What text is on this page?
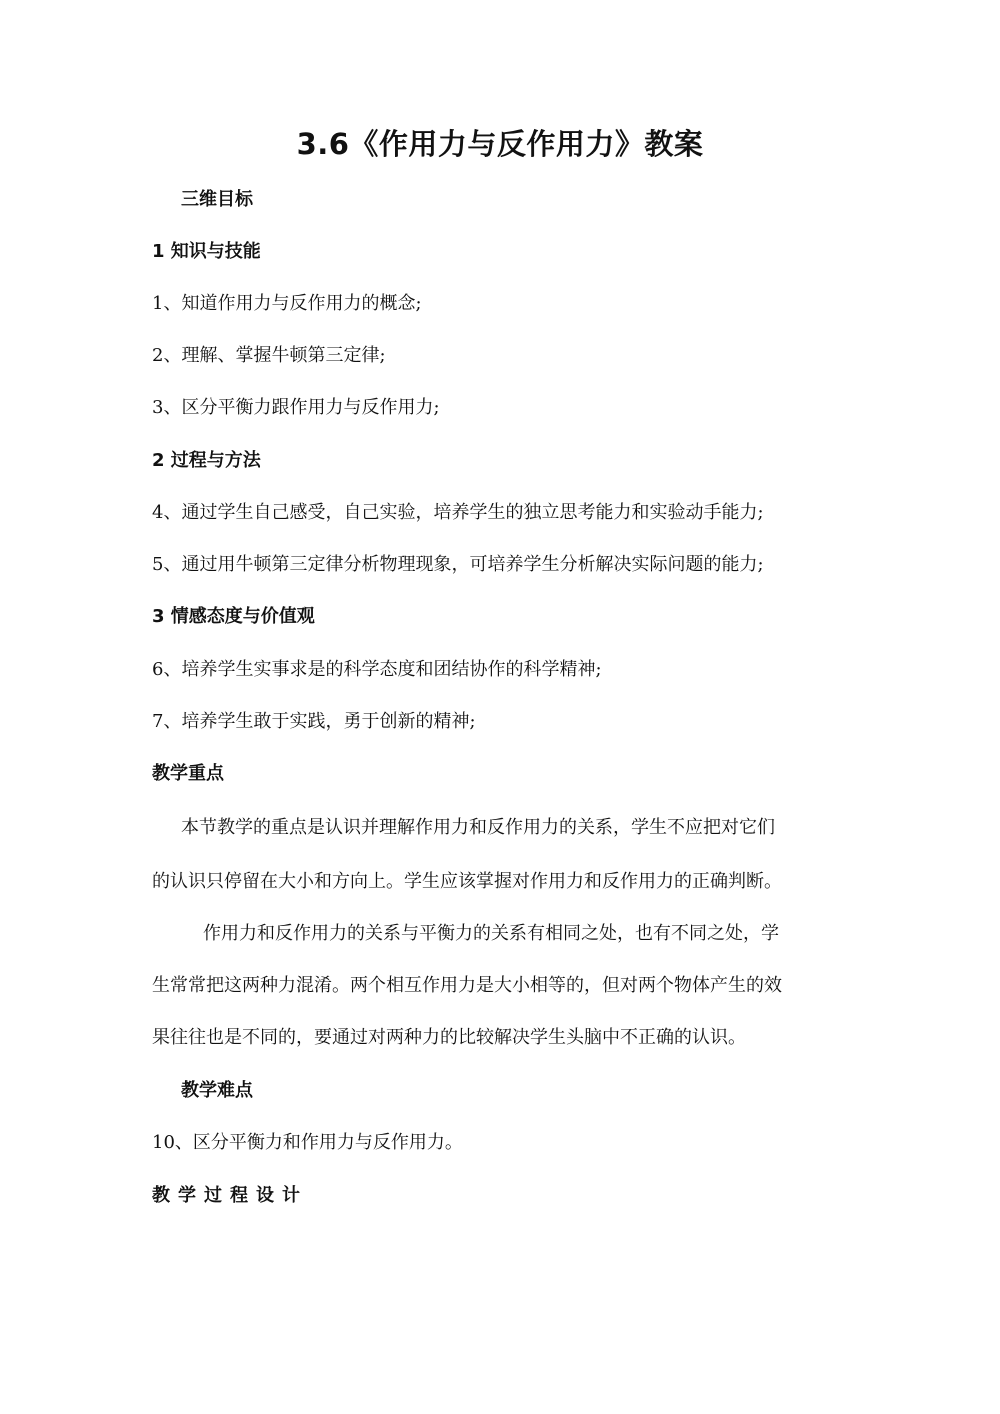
3.6《作用力与反作用力》教案
三维目标
1 知识与技能
1、知道作用力与反作用力的概念;
2、理解、掌握牛顿第三定律;
3、区分平衡力跟作用力与反作用力;
2 过程与方法
4、通过学生自己感受，自己实验，培养学生的独立思考能力和实验动手能力;
5、通过用牛顿第三定律分析物理现象，可培养学生分析解决实际问题的能力;
3 情感态度与价值观
6、培养学生实事求是的科学态度和团结协作的科学精神;
7、培养学生敢于实践，勇于创新的精神;
教学重点
本节教学的重点是认识并理解作用力和反作用力的关系，学生不应把对它们
的认识只停留在大小和方向上。学生应该掌握对作用力和反作用力的正确判断。
作用力和反作用力的关系与平衡力的关系有相同之处，也有不同之处，学
生常常把这两种力混淆。两个相互作用力是大小相等的，但对两个物体产生的效
果往往也是不同的，要通过对两种力的比较解决学生头脑中不正确的认识。
教学难点
10、区分平衡力和作用力与反作用力。
教学过程设计
